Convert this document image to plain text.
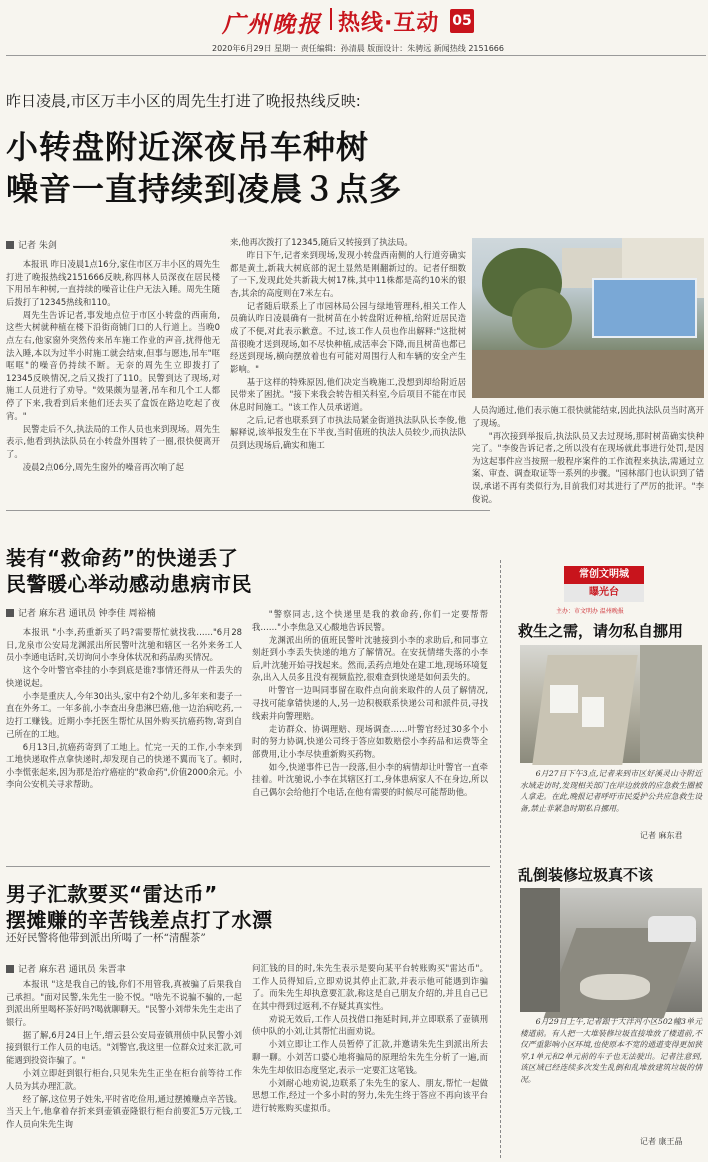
广州晚报 热线·互动 05
2020年6月29日 星期一 责任编辑：孙清晨 版面设计：朱骋远 新闻热线 2151666
昨日凌晨,市区万丰小区的周先生打进了晚报热线反映:
小转盘附近深夜吊车种树
噪音一直持续到凌晨３点多
记者 朱剑

本报讯 昨日凌晨1点16分,家住市区万丰小区的周先生打进了晚报热线2151666反映,称四林人员深夜在居民楼下用吊车种树,一直持续的噪音让住户无法入睡。周先生随后拨打了12345热线和110。

周先生告诉记者,事发地点位于市区小转盘的西南角,这些大树就种植在楼下沿街商铺门口的人行道上。当晚0点左右,他家窗外突然传来吊车施工作业的声音,扰得他无法入睡,本以为过半小时施工就会结束,但事与愿违,吊车"哐哐哐"的噪音仍持续不断。无奈的周先生立即拨打了12345反映情况,之后又拨打了110。民警到达了现场,对施工人员进行了劝导。"效果颇为显著,吊车和几个工人都停了下来,我看到后来他们还去买了盒饭在路边吃起了夜宵。"

民警走后不久,执法局的工作人员也来到现场。周先生表示,他看到执法队员在小转盘外围转了一圈,很快便离开了。

凌晨2点06分,周先生窗外的噪音再次响了起

来,他再次拨打了12345,随后又转接到了执法局。

昨日下午,记者来到现场,发现小转盘西南侧的人行道旁确实都是黄土,新栽大树底部的泥土显然是刚翻新过的。记者仔细数了一下,发现此处共新栽大树17株,其中11株都是高约10米的银杏,其余的高度则在7米左右。

记者随后联系上了市园林局公园与绿地管理科,相关工作人员确认昨日凌晨确有一批树苗在小转盘附近种植,给附近居民造成了不便,对此表示歉意。不过,该工作人员也作出解释:"这批树苗很晚才送到现场,如不尽快种植,成活率会下降,而且树苗也都已经送到现场,横向摆放着也有可能对周围行人和车辆的安全产生影响。"

基于这样的特殊原因,他们决定当晚施工,没想到却给附近居民带来了困扰。"接下来我会转告相关科室,今后项目不能在市民休息时间施工。"该工作人员承诺道。

之后,记者也联系到了市执法局紧金街道执法队队长李俊,他解释说,该举报发生在下半夜,当时值班的执法人员较少,而执法队员到达现场后,确实和施工

人员沟通过,他们表示施工很快就能结束,因此执法队员当时离开了现场。

"再次接到举报后,执法队员又去过现场,那时树苗确实快种完了。"李俊告诉记者,之所以没有在现场就此事进行处罚,是因为这起事件应当按照一般程序案件的工作流程来执法,需通过立案、审查、调查取证等一系列的步骤。"园林部门也认识到了错误,承诺不再有类似行为,目前我们对其进行了严厉的批评。"李俊说。

装有“救命药”的快递丢了
民警暖心举动感动患病市民
记者 麻东君 通讯员 钟李佳 周裕楠

本报讯 "小李,药重新买了吗?需要帮忙就找我……"6月28日,龙泉市公安局龙渊派出所民警叶沈驰和辖区一名外来务工人员小李通电话时,关切询问小李身体状况和药品购买情况。

这个令叶警官牵挂的小李到底是谁?事情还得从一件丢失的快递说起。

小李是重庆人,今年30出头,家中有2个幼儿,多年来和妻子一直在外务工。一年多前,小李查出身患淋巴癌,他一边治病吃药,一边打工赚钱。近期小李托医生帮忙从国外购买抗癌药物,寄到自己所在的工地。

6月13日,抗癌药寄到了工地上。忙完一天的工作,小李来到工地快递取件点拿快递时,却发现自己的快递不翼而飞了。顿时,小李慌张起来,因为那是治疗癌症的"救命药",价值2000余元。小李向公安机关寻求帮助。

"警察同志,这个快递里是我的救命药,你们一定要帮帮我……"小李焦急又心酸地告诉民警。

龙渊派出所的值班民警叶沈驰接到小李的求助后,和同事立刻赶到小李丢失快递的地方了解情况。在安抚情绪失落的小李后,叶沈驰开始寻找起来。然而,丢药点地处在建工地,现场环境复杂,出入人员多且没有视频监控,很难查到快递是如何丢失的。

叶警官一边叫同事留在取件点向前来取件的人员了解情况,寻找可能拿错快递的人,另一边积极联系快递公司和派件员,寻找线索并向警理赔。

走访群众、协调理赔、现场调查……叶警官经过30多个小时的努力协调,快递公司终于答应如数赔偿小李药品和运费等全部费用,让小李尽快重新购买药物。

如今,快递事件已告一段落,但小李的病情却让叶警官一直牵挂着。叶沈驰说,小李在其辖区打工,身体患病家人不在身边,所以自己偶尔会给他打个电话,在他有需要的时候尽可能帮助他。

男子汇款要买“雷达币”
摆摊赚的辛苦钱差点打了水漂
还好民警将他带到派出所喝了一杯“清醒茶”
记者 麻东君 通讯员 朱晋聿

本报讯 "这是我自己的钱,你们不用管我,真被骗了后果我自己承担。"面对民警,朱先生一脸不悦。"啥先不说骗不骗的,一起到派出所里喝杯茶好吗?喝就聊聊天。"民警小刘带朱先生走出了银行。

据了解,6月24日上午,缙云县公安局壶镇刑侦中队民警小刘接到银行工作人员的电话。"刘警官,我这里一位群众过来汇款,可能遇到投资诈骗了。"

小刘立即赶到银行柜台,只见朱先生正坐在柜台前等待工作人员为其办理汇款。

经了解,这位男子姓朱,平时省吃俭用,通过摆摊赚点辛苦钱。当天上午,他拿着存折来到壶镇壶隆银行柜台前要汇5万元钱,工作人员向朱先生询

问汇钱的目的时,朱先生表示是要向某平台转账购买"雷达币"。工作人员得知后,立即劝说其停止汇款,并表示他可能遇到诈骗了。而朱先生却执意要汇款,称这是自己朋友介绍的,并且自己已在其中得到过返利,不存疑其真实性。

劝说无效后,工作人员找借口拖延时间,并立即联系了壶镇刑侦中队的小刘,让其帮忙出面劝说。

小刘立即让工作人员暂停了汇款,并邀请朱先生到派出所去聊一聊。小刘苦口婆心地将骗局的原理给朱先生分析了一遍,而朱先生却依旧态度坚定,表示一定要汇这笔钱。

小刘耐心地劝说,边联系了朱先生的家人、朋友,帮忙一起做思想工作,经过一个多小时的努力,朱先生终于答应不再向该平台进行转账购买虚拟币。

常创文明城
曝光台
主办：市文明办 温州晚报
救生之需，请勿私自挪用
6月27日下午3点,记者来到市区好溪灵山寺附近水域走访时,发现相关部门在岸边放放的应急救生圈被人拿走。在此,晚报记者呼吁市民爱护公共应急救生设备,禁止非紧急时期私自挪用。
记者 麻东君
乱倒装修垃圾真不该
6月29日上午,记者跟于大洋河小区502幢3单元楼道前。有人把一大堆装修垃圾直接堆放了楼道前,不仅严重影响小区环境,也使原本不宽的通道变得更加狭窄,1单元和2单元前的车子也无法驶出。记者注意到,该区域已经连续多次发生乱倒和乱堆放建筑垃圾的情况。
记者 康王晶
